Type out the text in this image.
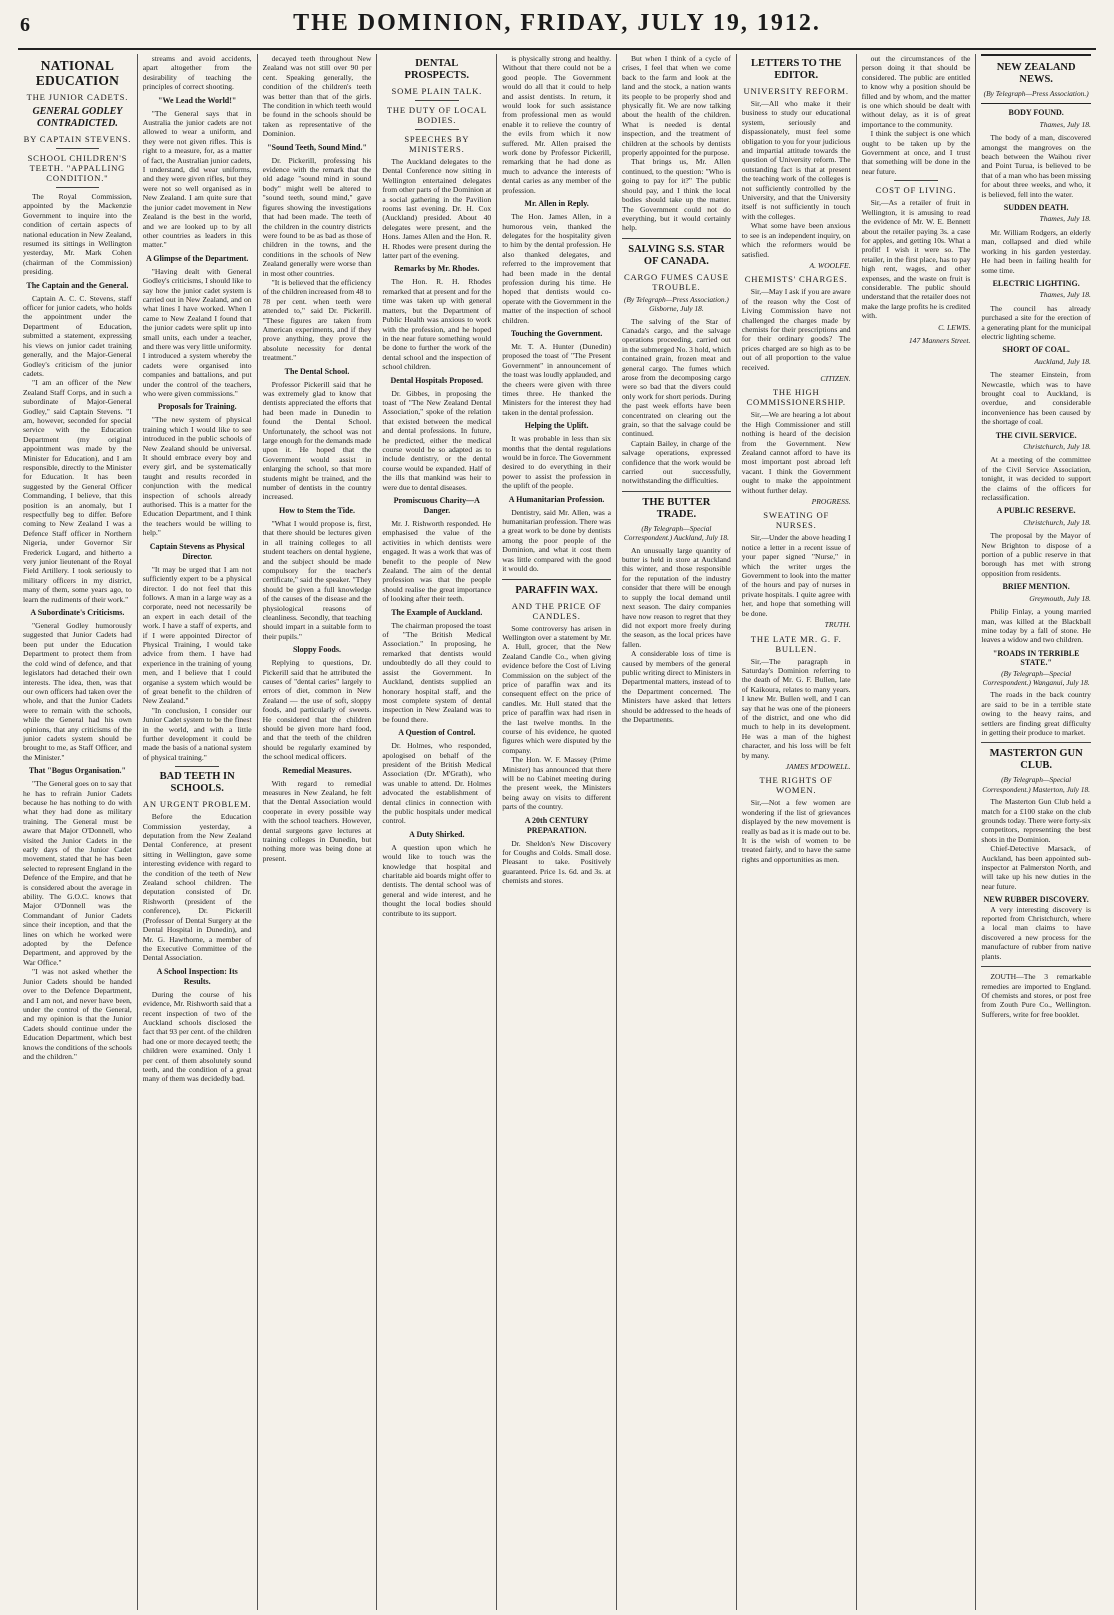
6	THE DOMINION, FRIDAY, JULY 19, 1912.
NATIONAL EDUCATION
THE JUNIOR CADETS.
GENERAL GODLEY CONTRADICTED.
BY CAPTAIN STEVENS.
SCHOOL CHILDREN'S TEETH. "APPALLING CONDITION."

The Royal Commission, appointed by the Mackenzie Government to inquire into the condition of certain aspects of national education in New Zealand, resumed its sittings in Wellington yesterday, Mr. Mark Cohen (chairman of the Commission) presiding.

The Captain and the General.

Captain A. C. C. Stevens, staff officer for junior cadets, who holds the appointment under the Department of Education, submitted a statement, expressing his views on junior cadet training generally, and the Major-General Godley's criticism of the junior cadets.

"I am an officer of the New Zealand Staff Corps, and in such a subordinate of Major-General Godley," said Captain Stevens. "I am, however, seconded for special service with the Education Department (my original appointment was made by the Minister for Education), and I am responsible, directly to the Minister for Education. It has been suggested by the General Officer Commanding, I believe, that this position is an anomaly, but I respectfully beg to differ. Before coming to New Zealand I was a Defence Staff officer in Northern Nigeria, under Governor Sir Frederick Lugard, and hitherto a very junior lieutenant of the Royal Field Artillery. I took seriously to military officers in my district, many of them, some years ago, to learn the rudiments of their work."

A Subordinate's Criticisms.

"General Godley humorously suggested that Junior Cadets had been put under the Education Department to protect them from the cold wind of defence, and that legislators had detached their own interests. The idea, then, was that our own officers had taken over the whole, and that the Junior Cadets were to remain with the schools, while the General had his own opinions, that any criticisms of the junior cadets system should be brought to me, as Staff Officer, and the Minister."

That "Bogus Organisation."

"The General goes on to say that he has to refrain Junior Cadets because he has nothing to do with what they had done as military training. The General must be aware that Major O'Donnell, who visited the Junior Cadets in the early days of the Junior Cadet movement, stated that he has been selected to represent England in the Defence of the Empire, and that he is considered about the average in ability. The G.O.C. knows that Major O'Donnell was the Commandant of Junior Cadets since their inception, and that the lines on which he worked were adopted by the Defence Department, and approved by the War Office."

"I was not asked whether the Junior Cadets should be handed over to the Defence Department, and I am not, and never have been, under the control of the General, and my opinion is that the Junior Cadets should continue under the Education Department, which best knows the conditions of the schools and the children."

streams and avoid accidents, apart altogether from the desirability of teaching the principles of correct shooting.

"We Lead the World!"

"The General says that in Australia the junior cadets are not allowed to wear a uniform, and they were not given rifles. This is right to a measure, for, as a matter of fact, the Australian junior cadets, I understand, did wear uniforms, and they were given rifles, but they were not so well organised as in New Zealand. I am quite sure that the junior cadet movement in New Zealand is the best in the world, and we are looked up to by all other countries as leaders in this matter."

A Glimpse of the Department.

"Having dealt with General Godley's criticisms, I should like to say how the junior cadet system is carried out in New Zealand, and on what lines I have worked. When I came to New Zealand I found that the junior cadets were split up into small units, each under a teacher, and there was very little uniformity. I introduced a system whereby the cadets were organised into companies and battalions, and put under the control of the teachers, who were given commissions."

Proposals for Training.

"The new system of physical training which I would like to see introduced in the public schools of New Zealand should be universal. It should embrace every boy and every girl, and be systematically taught and results recorded in conjunction with the medical inspection of schools already authorised. This is a matter for the Education Department, and I think the teachers would be willing to help."

Captain Stevens as Physical Director.

"It may be urged that I am not sufficiently expert to be a physical director. I do not feel that this follows. A man in a large way as a corporate, need not necessarily be an expert in each detail of the work. I have a staff of experts, and if I were appointed Director of Physical Training, I would take advice from them. I have had experience in the training of young men, and I believe that I could organise a system which would be of great benefit to the children of New Zealand."

"In conclusion, I consider our Junior Cadet system to be the finest in the world, and with a little further development it could be made the basis of a national system of physical training."

BAD TEETH IN SCHOOLS.
AN URGENT PROBLEM.

Before the Education Commission yesterday, a deputation from the New Zealand Dental Conference, at present sitting in Wellington, gave some interesting evidence with regard to the condition of the teeth of New Zealand school children. The deputation consisted of Dr. Rishworth (president of the conference), Dr. Pickerill (Professor of Dental Surgery at the Dental Hospital in Dunedin), and Mr. G. Hawthorne, a member of the Executive Committee of the Dental Association.

A School Inspection: Its Results.

During the course of his evidence, Mr. Rishworth said that a recent inspection of two of the Auckland schools disclosed the fact that 93 per cent. of the children had one or more decayed teeth; the children were examined. Only 1 per cent. of them absolutely sound teeth, and the condition of a great many of them was decidedly bad.

decayed teeth throughout New Zealand was not still over 90 per cent. Speaking generally, the condition of the children's teeth was better than that of the girls. The condition in which teeth would be found in the schools should be taken as representative of the Dominion.

"Sound Teeth, Sound Mind."

Dr. Pickerill, professing his evidence with the remark that the old adage "sound mind in sound body" might well be altered to "sound teeth, sound mind," gave figures showing the investigations that had been made. The teeth of the children in the country districts were found to be as bad as those of children in the towns, and the conditions in the schools of New Zealand generally were worse than in most other countries.

"It is believed that the efficiency of the children increased from 48 to 78 per cent. when teeth were attended to," said Dr. Pickerill. "These figures are taken from American experiments, and if they prove anything, they prove the absolute necessity for dental treatment."

The Dental School.

Professor Pickerill said that he was extremely glad to know that dentists appreciated the efforts that had been made in Dunedin to found the Dental School. Unfortunately, the school was not large enough for the demands made upon it. He hoped that the Government would assist in enlarging the school, so that more students might be trained, and the number of dentists in the country increased.

How to Stem the Tide.

"What I would propose is, first, that there should be lectures given in all training colleges to all student teachers on dental hygiene, and the subject should be made compulsory for the teacher's certificate," said the speaker. "They should be given a full knowledge of the causes of the disease and the physiological reasons of cleanliness. Secondly, that teaching should impart in a suitable form to their pupils."

Sloppy Foods.

Replying to questions, Dr. Pickerill said that he attributed the causes of "dental caries" largely to errors of diet, common in New Zealand — the use of soft, sloppy foods, and particularly of sweets. He considered that the children should be given more hard food, and that the teeth of the children should be regularly examined by the school medical officers.

Remedial Measures.

With regard to remedial measures in New Zealand, he felt that the Dental Association would cooperate in every possible way with the school teachers. However, dental surgeons gave lectures at training colleges in Dunedin, but nothing more was being done at present.

DENTAL PROSPECTS.
SOME PLAIN TALK.
THE DUTY OF LOCAL BODIES.
SPEECHES BY MINISTERS.

The Auckland delegates to the Dental Conference now sitting in Wellington entertained delegates from other parts of the Dominion at a social gathering in the Pavilion rooms last evening. Dr. H. Cox (Auckland) presided. About 40 delegates were present, and the Hons. James Allen and the Hon. R. H. Rhodes were present during the latter part of the evening.

Remarks by Mr. Rhodes.

The Hon. R. H. Rhodes remarked that at present and for the time was taken up with general matters, but the Department of Public Health was anxious to work with the profession, and he hoped in the near future something would be done to further the work of the dental school and the inspection of school children.

Dental Hospitals Proposed.

Dr. Gibbes, in proposing the toast of "The New Zealand Dental Association," spoke of the relation that existed between the medical and dental professions. In future, he predicted, either the medical course would be so adapted as to include dentistry, or the dental course would be expanded. Half of the ills that mankind was heir to were due to dental diseases.

Promiscuous Charity—A Danger.

Mr. J. Rishworth responded. He emphasised the value of the activities in which dentists were engaged. It was a work that was of benefit to the people of New Zealand. The aim of the dental profession was that the people should realise the great importance of looking after their teeth.

The Example of Auckland.

The chairman proposed the toast of "The British Medical Association." In proposing, he remarked that dentists would undoubtedly do all they could to assist the Government. In Auckland, dentists supplied an honorary hospital staff, and the most complete system of dental inspection in New Zealand was to be found there.

A Question of Control.

Dr. Holmes, who responded, apologised on behalf of the president of the British Medical Association (Dr. M'Grath), who was unable to attend. Dr. Holmes advocated the establishment of dental clinics in connection with the public hospitals under medical control.

A Duty Shirked.

A question upon which he would like to touch was the knowledge that hospital and charitable aid boards might offer to dentists. The dental school was of general and wide interest, and he thought the local bodies should contribute to its support.

is physically strong and healthy. Without that there could not be a good people. The Government would do all that it could to help and assist dentists. In return, it would look for such assistance from professional men as would enable it to relieve the country of the evils from which it now suffered. Mr. Allen praised the work done by Professor Pickerill, remarking that he had done as much to advance the interests of dental caries as any member of the profession.

Mr. Allen in Reply.

The Hon. James Allen, in a humorous vein, thanked the delegates for the hospitality given to him by the dental profession. He also thanked delegates, and referred to the improvement that had been made in the dental profession during his time. He hoped that dentists would co-operate with the Government in the matter of the inspection of school children.

Touching the Government.

Mr. T. A. Hunter (Dunedin) proposed the toast of "The Present Government" in announcement of the toast was loudly applauded, and the cheers were given with three times three. He thanked the Ministers for the interest they had taken in the dental profession.

Helping the Uplift.

It was probable in less than six months that the dental regulations would be in force. The Government desired to do everything in their power to assist the profession in the uplift of the people.

A Humanitarian Profession.

Dentistry, said Mr. Allen, was a humanitarian profession. There was a great work to be done by dentists among the poor people of the Dominion, and what it cost them was little compared with the good it would do.

PARAFFIN WAX.
AND THE PRICE OF CANDLES.

Some controversy has arisen in Wellington over a statement by Mr. A. Hull, grocer, that the New Zealand Candle Co., when giving evidence before the Cost of Living Commission on the subject of the price of paraffin wax and its consequent effect on the price of candles. Mr. Hull stated that the price of paraffin wax had risen in the last twelve months. In the course of his evidence, he quoted figures which were disputed by the company.

The Hon. W. F. Massey (Prime Minister) has announced that there will be no Cabinet meeting during the present week, the Ministers being away on visits to different parts of the country.

A 20th CENTURY PREPARATION.

Dr. Sheldon's New Discovery for Coughs and Colds. Small dose. Pleasant to take. Positively guaranteed. Price 1s. 6d. and 3s. at chemists and stores.

But when I think of a cycle of crises, I feel that when we come back to the farm and look at the land and the stock, a nation wants its people to be properly shod and physically fit. We are now talking about the health of the children. What is needed is dental inspection, and the treatment of children at the schools by dentists properly appointed for the purpose.

That brings us, Mr. Allen continued, to the question: "Who is going to pay for it?" The public should pay, and I think the local bodies should take up the matter. The Government could not do everything, but it would certainly help.

SALVING S.S. STAR OF CANADA.
CARGO FUMES CAUSE TROUBLE.
(By Telegraph—Press Association.) Gisborne, July 18.

The salving of the Star of Canada's cargo, and the salvage operations proceeding, carried out in the submerged No. 3 hold, which contained grain, frozen meat and general cargo. The fumes which arose from the decomposing cargo were so bad that the divers could only work for short periods. During the past week efforts have been concentrated on clearing out the grain, so that the salvage could be continued.

Captain Bailey, in charge of the salvage operations, expressed confidence that the work would be carried out successfully, notwithstanding the difficulties.

THE BUTTER TRADE.
(By Telegraph—Special Correspondent.) Auckland, July 18.

An unusually large quantity of butter is held in store at Auckland this winter, and those responsible for the reputation of the industry consider that there will be enough to supply the local demand until next season. The dairy companies have now reason to regret that they did not export more freely during the season, as the local prices have fallen.

A considerable loss of time is caused by members of the general public writing direct to Ministers in Departmental matters, instead of to the Department concerned. The Ministers have asked that letters should be addressed to the heads of the Departments.

LETTERS TO THE EDITOR.
UNIVERSITY REFORM.

Sir,—All who make it their business to study our educational system, seriously and dispassionately, must feel some obligation to you for your judicious and impartial attitude towards the question of University reform. The outstanding fact is that at present the teaching work of the colleges is not sufficiently controlled by the University, and that the University itself is not sufficiently in touch with the colleges.

What some have been anxious to see is an independent inquiry, on which the reformers would be satisfied.

A. WOOLFE.
CHEMISTS' CHARGES.

Sir,—May I ask if you are aware of the reason why the Cost of Living Commission have not challenged the charges made by chemists for their prescriptions and for their ordinary goods? The prices charged are so high as to be out of all proportion to the value received.

CITIZEN.
THE HIGH COMMISSIONERSHIP.

Sir,—We are hearing a lot about the High Commissioner and still nothing is heard of the decision from the Government. New Zealand cannot afford to have its most important post abroad left vacant. I think the Government ought to make the appointment without further delay.

PROGRESS.
SWEATING OF NURSES.

Sir,—Under the above heading I notice a letter in a recent issue of your paper signed "Nurse," in which the writer urges the Government to look into the matter of the hours and pay of nurses in private hospitals. I quite agree with her, and hope that something will be done.

TRUTH.
THE LATE MR. G. F. BULLEN.

Sir,—The paragraph in Saturday's Dominion referring to the death of Mr. G. F. Bullen, late of Kaikoura, relates to many years. I knew Mr. Bullen well, and I can say that he was one of the pioneers of the district, and one who did much to help in its development. He was a man of the highest character, and his loss will be felt by many.

JAMES M'DOWELL.
THE RIGHTS OF WOMEN.

Sir,—Not a few women are wondering if the list of grievances displayed by the new movement is really as bad as it is made out to be. It is the wish of women to be treated fairly, and to have the same rights and opportunities as men.

out the circumstances of the person doing it that should be considered. The public are entitled to know why a position should be filled and by whom, and the matter is one which should be dealt with without delay, as it is of great importance to the community.

I think the subject is one which ought to be taken up by the Government at once, and I trust that something will be done in the near future.

COST OF LIVING.

Sir,—As a retailer of fruit in Wellington, it is amusing to read the evidence of Mr. W. E. Bennett about the retailer paying 3s. a case for apples, and getting 10s. What a profit! I wish it were so. The retailer, in the first place, has to pay high rent, wages, and other expenses, and the waste on fruit is considerable. The public should understand that the retailer does not make the large profits he is credited with.

C. LEWIS.
147 Manners Street.
NEW ZEALAND NEWS.
(By Telegraph—Press Association.)
BODY FOUND.
Thames, July 18.

The body of a man, discovered amongst the mangroves on the beach between the Waihou river and Point Turua, is believed to be that of a man who has been missing for about three weeks, and who, it is believed, fell into the water.

SUDDEN DEATH.
Thames, July 18.

Mr. William Rodgers, an elderly man, collapsed and died while working in his garden yesterday. He had been in failing health for some time.

ELECTRIC LIGHTING.
Thames, July 18.

The council has already purchased a site for the erection of a generating plant for the municipal electric lighting scheme.

SHORT OF COAL.
Auckland, July 18.

The steamer Einstein, from Newcastle, which was to have brought coal to Auckland, is overdue, and considerable inconvenience has been caused by the shortage of coal.

THE CIVIL SERVICE.
Christchurch, July 18.

At a meeting of the committee of the Civil Service Association, tonight, it was decided to support the claims of the officers for reclassification.

A PUBLIC RESERVE.
Christchurch, July 18.

The proposal by the Mayor of New Brighton to dispose of a portion of a public reserve in that borough has met with strong opposition from residents.

BRIEF MENTION.
Greymouth, July 18.

Philip Finlay, a young married man, was killed at the Blackball mine today by a fall of stone. He leaves a widow and two children.

"ROADS IN TERRIBLE STATE."
(By Telegraph—Special Correspondent.) Wanganui, July 18.

The roads in the back country are said to be in a terrible state owing to the heavy rains, and settlers are finding great difficulty in getting their produce to market.

MASTERTON GUN CLUB.
(By Telegraph—Special Correspondent.) Masterton, July 18.

The Masterton Gun Club held a match for a £100 stake on the club grounds today. There were forty-six competitors, representing the best shots in the Dominion.

Chief-Detective Marsack, of Auckland, has been appointed sub-inspector at Palmerston North, and will take up his new duties in the near future.

NEW RUBBER DISCOVERY.

A very interesting discovery is reported from Christchurch, where a local man claims to have discovered a new process for the manufacture of rubber from native plants.

ZOUTH—The 3 remarkable remedies are imported to England. Of chemists and stores, or post free from Zouth Pure Co., Wellington. Sufferers, write for free booklet.
